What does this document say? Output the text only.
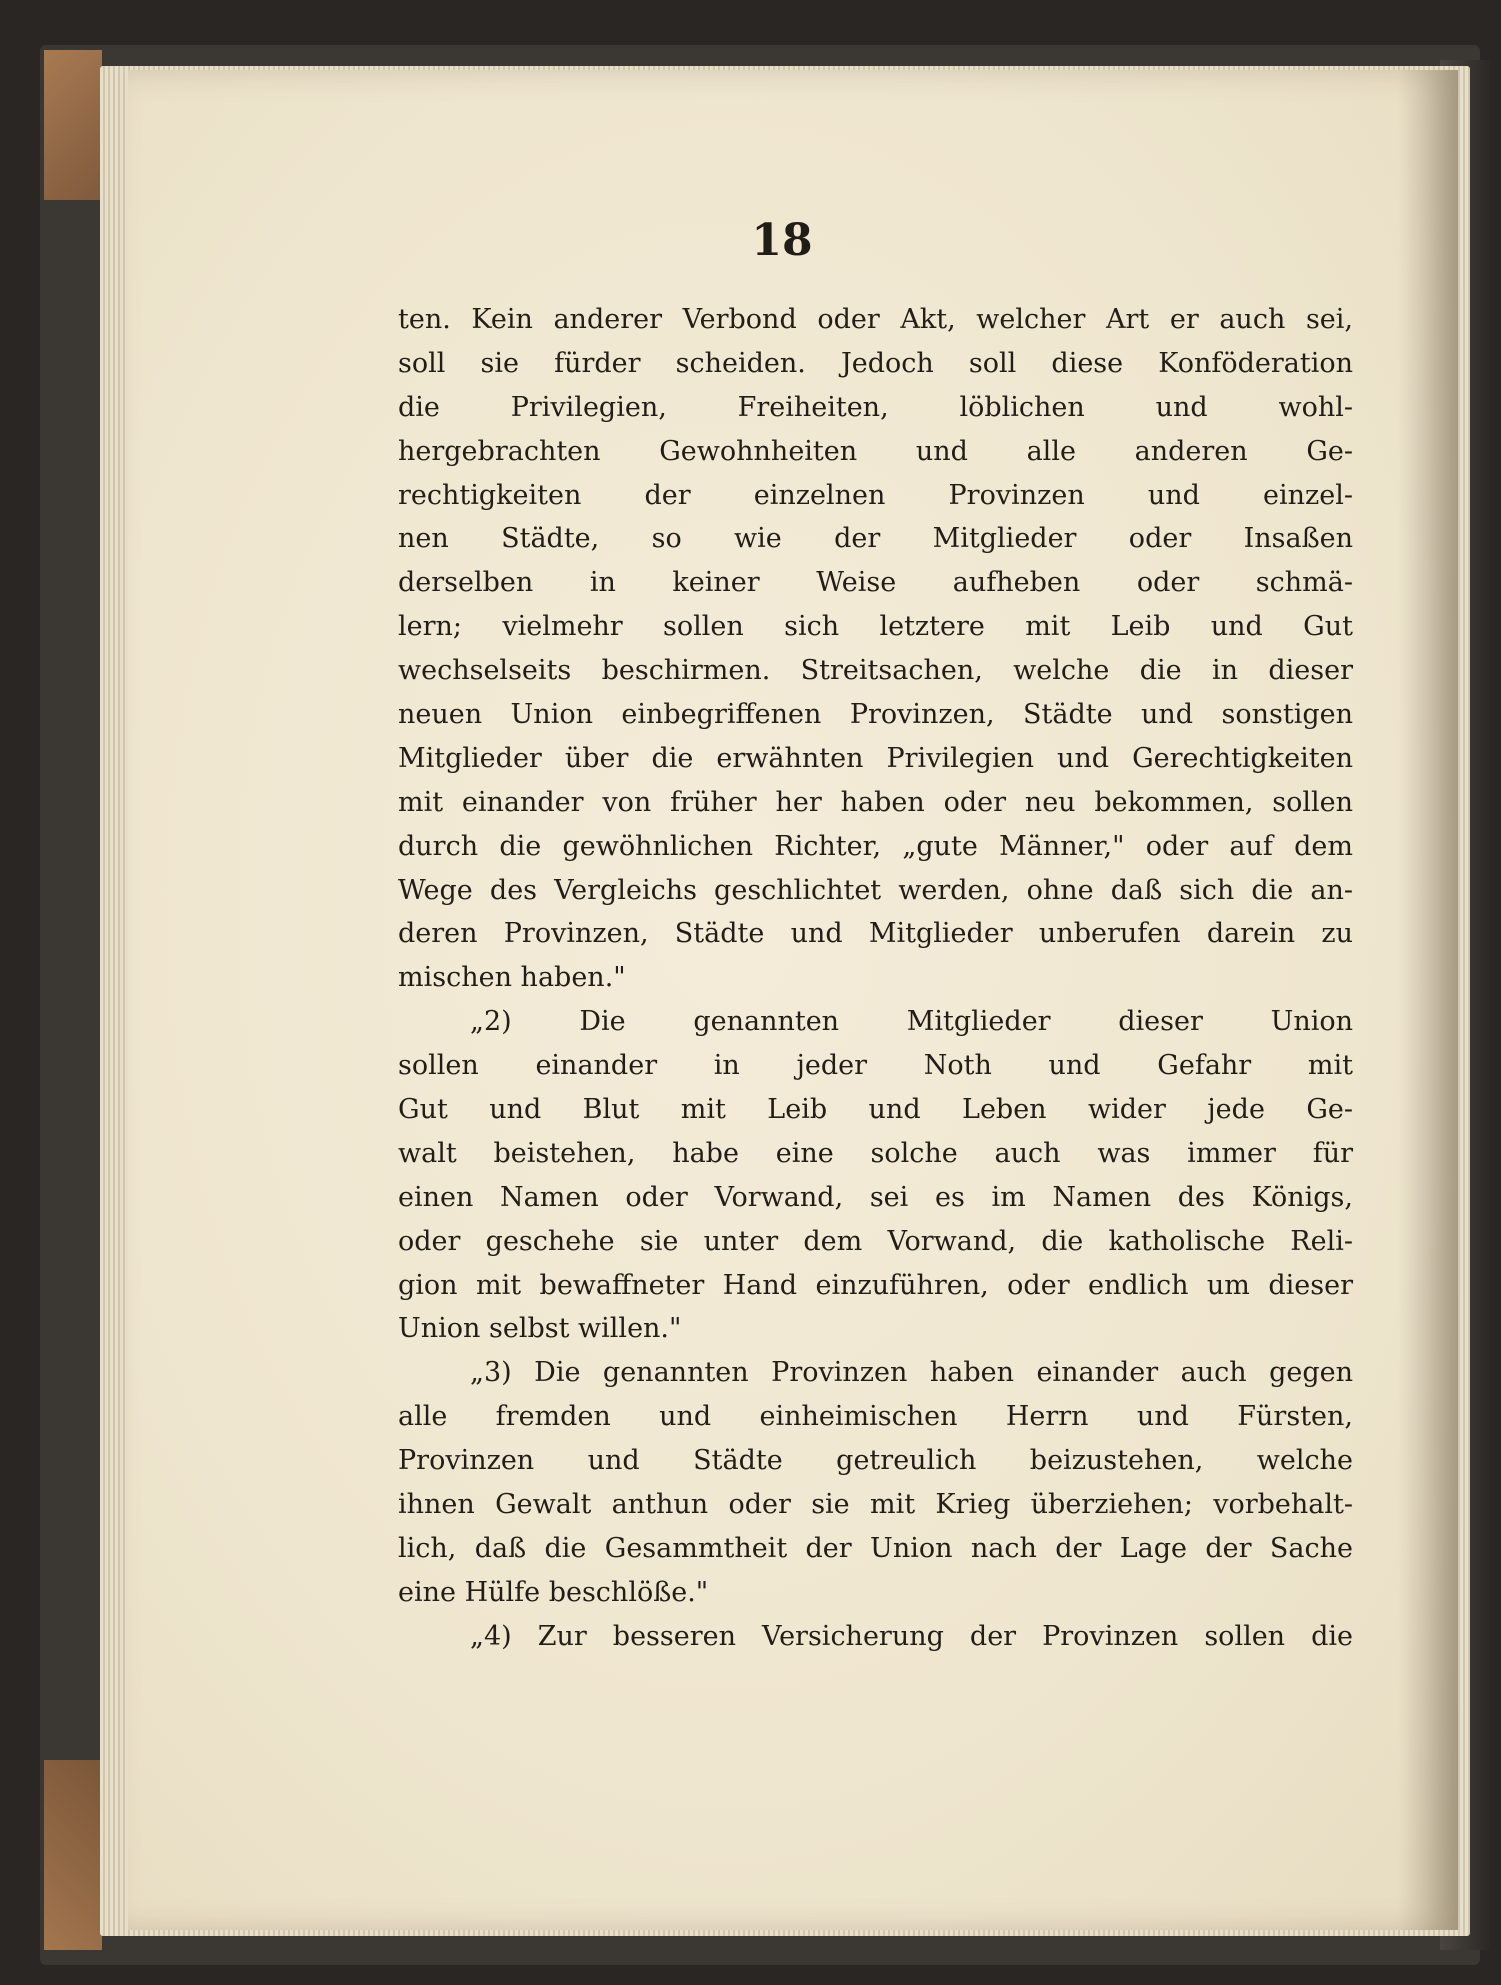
18
ten. Kein anderer Verbond oder Akt, welcher Art er auch sei,
soll sie fürder scheiden. Jedoch soll diese Konföderation
die Privilegien, Freiheiten, löblichen und wohl-
hergebrachten Gewohnheiten und alle anderen Ge-
rechtigkeiten der einzelnen Provinzen und einzel-
nen Städte, so wie der Mitglieder oder Insaßen
derselben in keiner Weise aufheben oder schmä-
lern; vielmehr sollen sich letztere mit Leib und Gut
wechselseits beschirmen. Streitsachen, welche die in dieser
neuen Union einbegriffenen Provinzen, Städte und sonstigen
Mitglieder über die erwähnten Privilegien und Gerechtigkeiten
mit einander von früher her haben oder neu bekommen, sollen
durch die gewöhnlichen Richter, „gute Männer," oder auf dem
Wege des Vergleichs geschlichtet werden, ohne daß sich die an-
deren Provinzen, Städte und Mitglieder unberufen darein zu
mischen haben."
„2) Die genannten Mitglieder dieser Union
sollen einander in jeder Noth und Gefahr mit
Gut und Blut mit Leib und Leben wider jede Ge-
walt beistehen, habe eine solche auch was immer für
einen Namen oder Vorwand, sei es im Namen des Königs,
oder geschehe sie unter dem Vorwand, die katholische Reli-
gion mit bewaffneter Hand einzuführen, oder endlich um dieser
Union selbst willen."
„3) Die genannten Provinzen haben einander auch gegen
alle fremden und einheimischen Herrn und Fürsten,
Provinzen und Städte getreulich beizustehen, welche
ihnen Gewalt anthun oder sie mit Krieg überziehen; vorbehalt-
lich, daß die Gesammtheit der Union nach der Lage der Sache
eine Hülfe beschlöße."
„4) Zur besseren Versicherung der Provinzen sollen die
